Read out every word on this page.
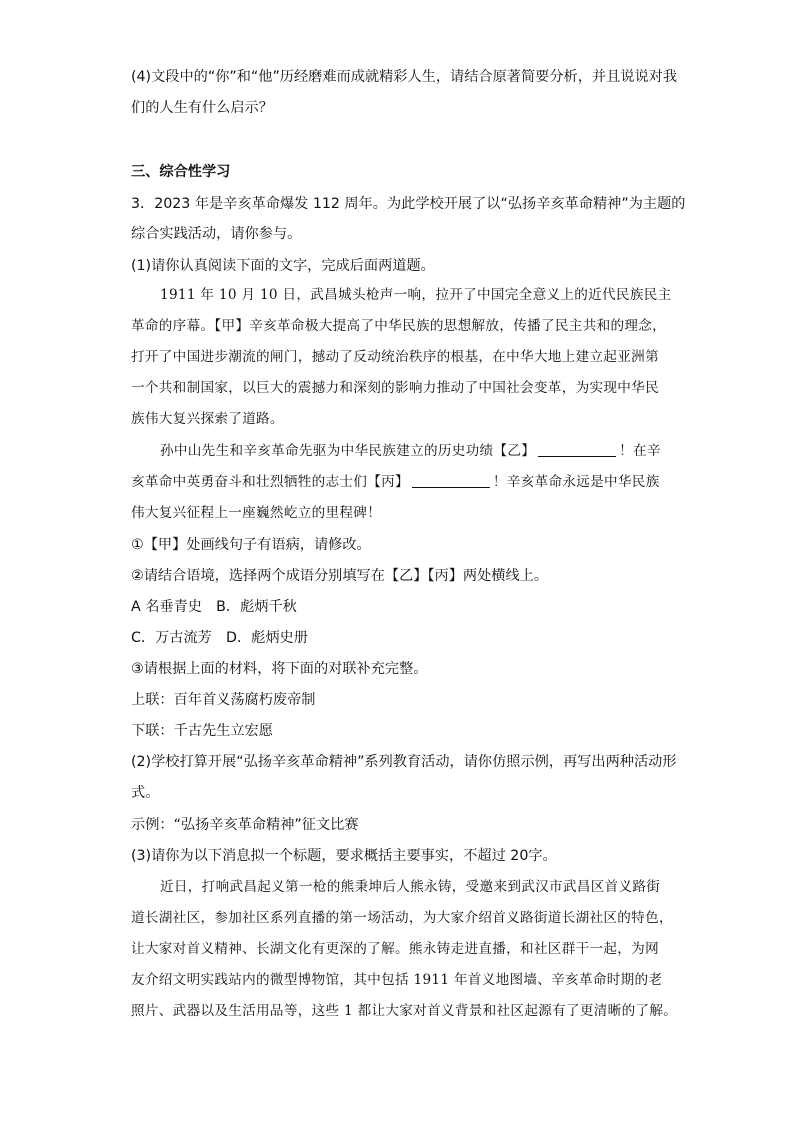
(4)文段中的“你”和“他”历经磨难而成就精彩人生，请结合原著简要分析，并且说说对我
们的人生有什么启示？
三、综合性学习
3．2023 年是辛亥革命爆发 112 周年。为此学校开展了以“弘扬辛亥革命精神”为主题的
综合实践活动，请你参与。
(1)请你认真阅读下面的文字，完成后面两道题。
1911 年 10 月 10 日，武昌城头枪声一响，拉开了中国完全意义上的近代民族民主
革命的序幕。【甲】辛亥革命极大提高了中华民族的思想解放，传播了民主共和的理念，
打开了中国进步潮流的闸门，撼动了反动统治秩序的根基，在中华大地上建立起亚洲第
一个共和制国家，以巨大的震撼力和深刻的影响力推动了中国社会变革，为实现中华民
族伟大复兴探索了道路。
孙中山先生和辛亥革命先驱为中华民族建立的历史功绩【乙】	！在辛
亥革命中英勇奋斗和壮烈牺牲的志士们【丙】	！辛亥革命永远是中华民族
伟大复兴征程上一座巍然屹立的里程碑！
①【甲】处画线句子有语病，请修改。
②请结合语境，选择两个成语分别填写在【乙】【丙】两处横线上。
A 名垂青史　B．彪炳千秋
C．万古流芳　D．彪炳史册
③请根据上面的材料，将下面的对联补充完整。
上联：百年首义荡腐朽废帝制
下联：千古先生立宏愿
(2)学校打算开展“弘扬辛亥革命精神”系列教育活动，请你仿照示例，再写出两种活动形
式。
示例：“弘扬辛亥革命精神”征文比赛
(3)请你为以下消息拟一个标题，要求概括主要事实，不超过 20字。
近日，打响武昌起义第一枪的熊秉坤后人熊永铸，受邀来到武汉市武昌区首义路街
道长湖社区，参加社区系列直播的第一场活动，为大家介绍首义路街道长湖社区的特色，
让大家对首义精神、长湖文化有更深的了解。熊永铸走进直播，和社区群干一起，为网
友介绍文明实践站内的微型博物馆，其中包括 1911 年首义地图墙、辛亥革命时期的老
照片、武器以及生活用品等，这些 1 都让大家对首义背景和社区起源有了更清晰的了解。
